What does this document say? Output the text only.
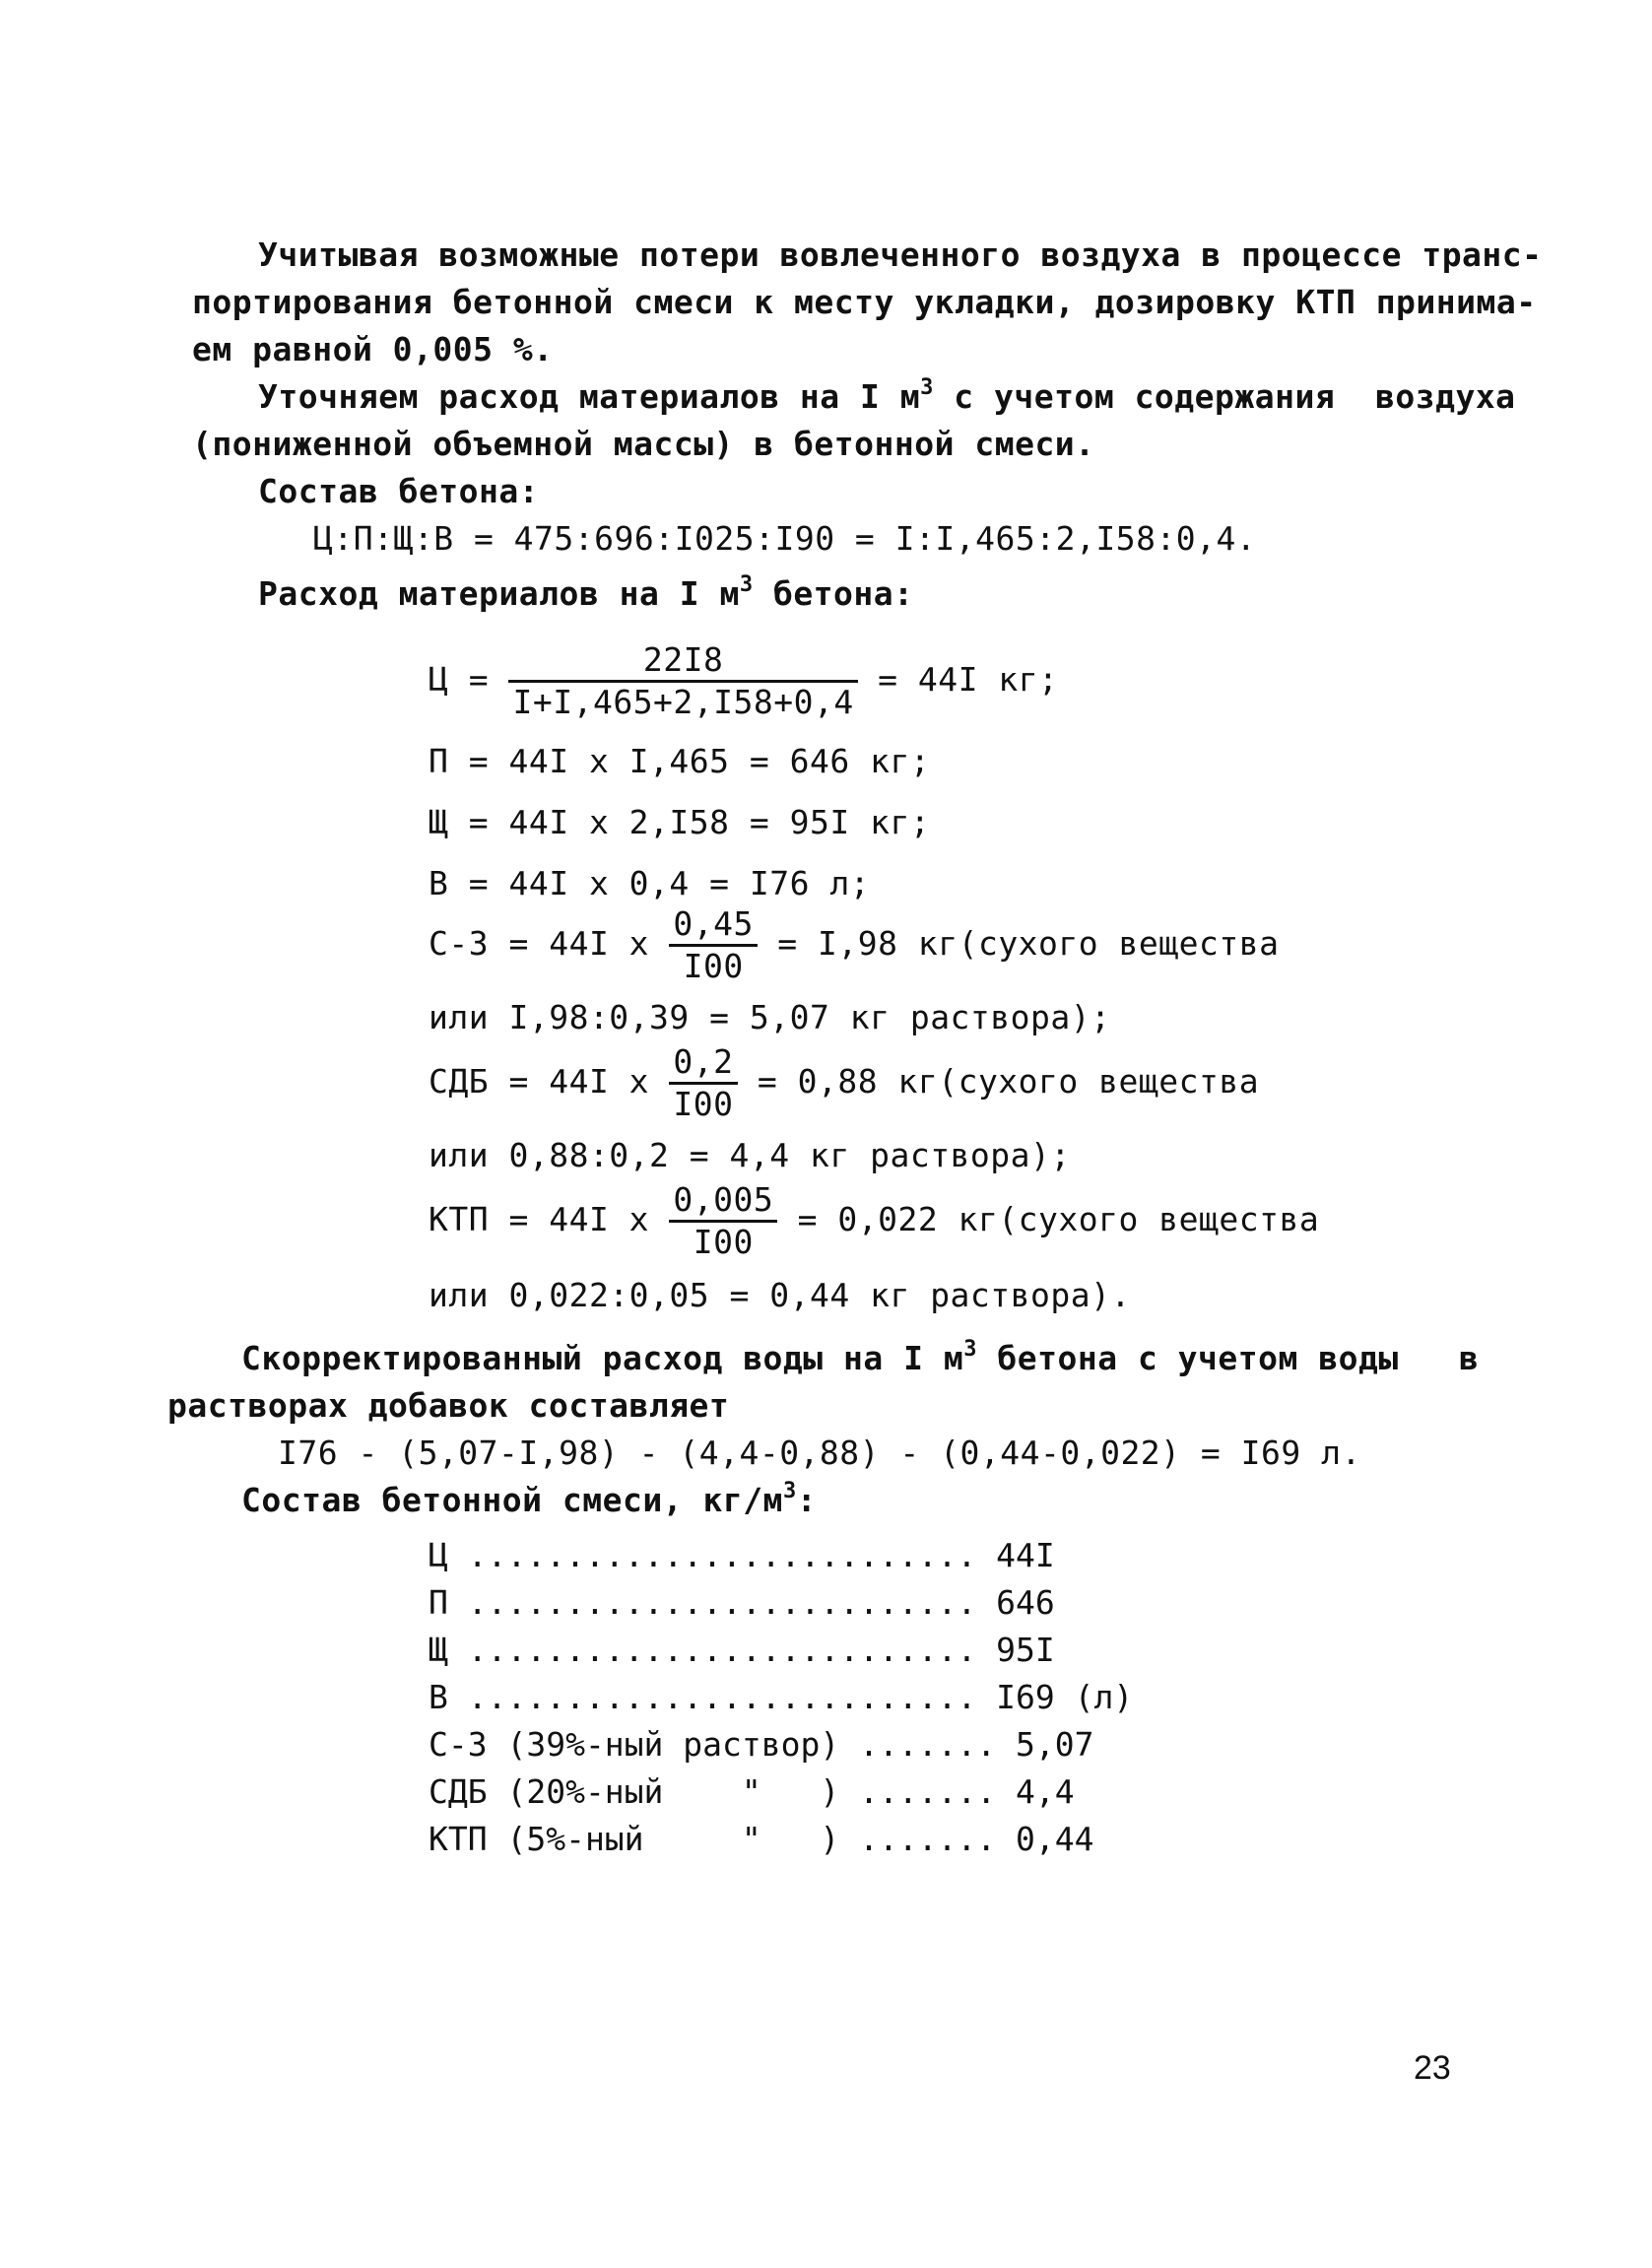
Учитывая возможные потери вовлеченного воздуха в процессе транс-
портирования бетонной смеси к месту укладки, дозировку КТП принима-
ем равной 0,005 %.
Уточняем расход материалов на I $м^3$ с учетом содержания  воздуха
(пониженной объемной массы) в бетонной смеси.
Состав бетона:
Ц:П:Щ:В = 475:696:I025:I90 = I:I,465:2,I58:0,4.
Расход материалов на I $м^3$ бетона:
$Ц = \frac{22I8}{I+I,465+2,I58+0,4} = 44I$ кг;
П = 44I x I,465 = 646 кг;
Щ = 44I x 2,I58 = 95I кг;
В = 44I x 0,4 = I76 л;
С-3 = 44I x $\frac{0,45}{I00} = I,98$ кг(сухого вещества
или I,98:0,39 = 5,07 кг раствора);
СДБ = 44I x $\frac{0,2}{I00} = 0,88$ кг(сухого вещества
или 0,88:0,2 = 4,4 кг раствора);
КТП = 44I x $\frac{0,005}{I00} = 0,022$ кг(сухого вещества
или 0,022:0,05 = 0,44 кг раствора).
Скорректированный расход воды на I $м^3$ бетона с учетом воды   в
растворах добавок составляет
I76 - (5,07-I,98) - (4,4-0,88) - (0,44-0,022) = I69 л.
Состав бетонной смеси, $кг/м^3$:
Ц .......................... 44I
П .......................... 646
Щ .......................... 95I
В .......................... I69 (л)
С-3 (39%-ный раствор) ....... 5,07
СДБ (20%-ный    "   ) ....... 4,4
КТП (5%-ный     "   ) ....... 0,44
23
